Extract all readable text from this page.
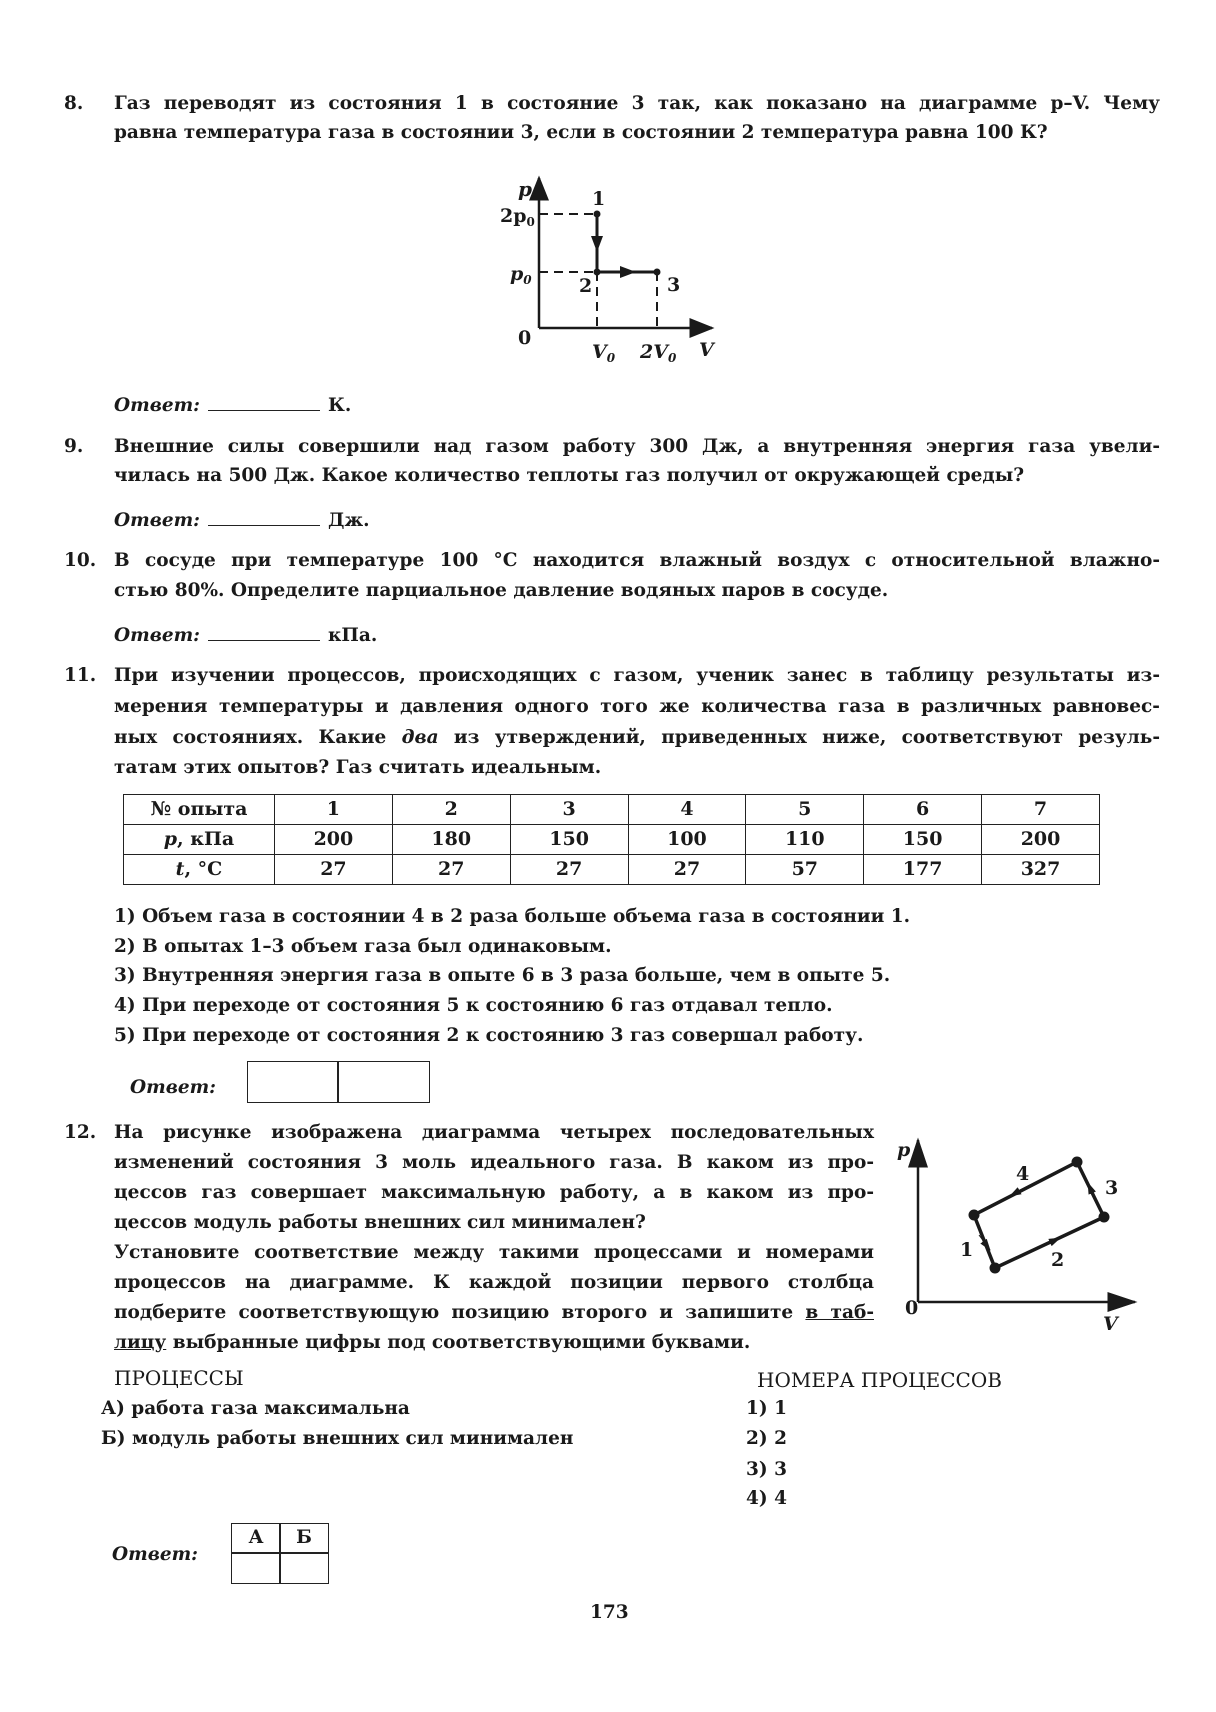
8. Газ переводят из состояния 1 в состояние 3 так, как показано на диаграмме p–V. Чему
равна температура газа в состоянии 3, если в состоянии 2 температура равна 100 К?
p
$2p_0$
$p_0$
0
1
2	3
$V_0$ $2V_0$ V
Ответ:	К.
9. Внешние силы совершили над газом работу 300 Дж, а внутренняя энергия газа увели-
чилась на 500 Дж. Какое количество теплоты газ получил от окружающей среды?
Ответ:	Дж.
10. В сосуде при температуре 100 °С находится влажный воздух с относительной влажно-
стью 80%. Определите парциальное давление водяных паров в сосуде.
Ответ:	кПа.
11. При изучении процессов, происходящих с газом, ученик занес в таблицу результаты из-
мерения температуры и давления одного того же количества газа в различных равновес-
ных состояниях. Какие два из утверждений, приведенных ниже, соответствуют резуль-
татам этих опытов? Газ считать идеальным.
№ опыта	1	2	3	4	5	6	7
p, кПа	200	180	150	100	110	150	200
t, °С	27	27	27	27	57	177	327
1) Объем газа в состоянии 4 в 2 раза больше объема газа в состоянии 1.
2) В опытах 1–3 объем газа был одинаковым.
3) Внутренняя энергия газа в опыте 6 в 3 раза больше, чем в опыте 5.
4) При переходе от состояния 5 к состоянию 6 газ отдавал тепло.
5) При переходе от состояния 2 к состоянию 3 газ совершал работу.
Ответ:
12. На рисунке изображена диаграмма четырех последовательных
изменений состояния 3 моль идеального газа. В каком из про-
цессов газ совершает максимальную работу, а в каком из про-
цессов модуль работы внешних сил минимален?
Установите соответствие между такими процессами и номерами
процессов на диаграмме. К каждой позиции первого столбца
подберите соответствующую позицию второго и запишите в таб-
лицу выбранные цифры под соответствующими буквами.
p
0
V
1	2
3
4
ПРОЦЕССЫ
А) работа газа максимальна
Б) модуль работы внешних сил минимален
НОМЕРА ПРОЦЕССОВ
1) 1
2) 2
3) 3
4) 4
Ответ:
А	Б
173
